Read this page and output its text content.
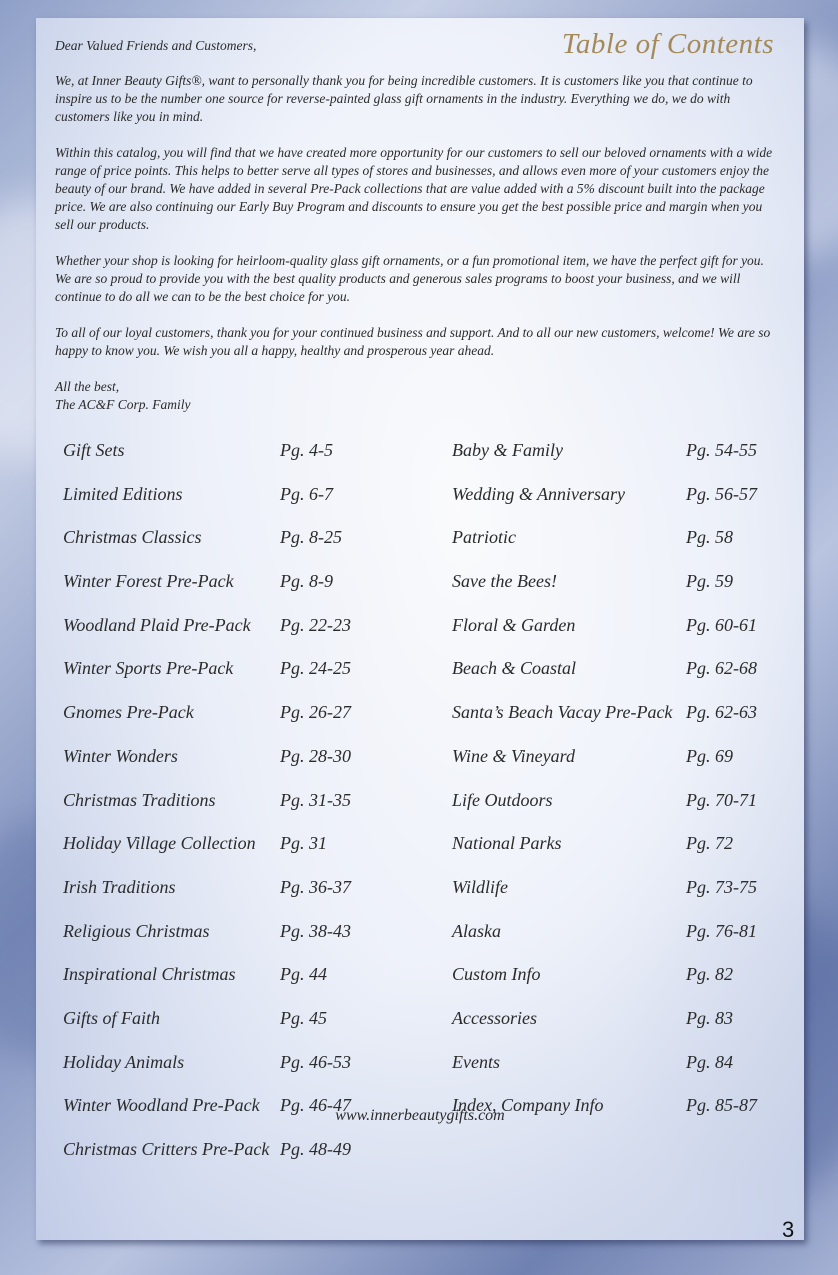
Table of Contents

Dear Valued Friends and Customers,

We, at Inner Beauty Gifts®, want to personally thank you for being incredible customers. It is customers like you that continue to inspire us to be the number one source for reverse-painted glass gift ornaments in the industry. Everything we do, we do with customers like you in mind.

Within this catalog, you will find that we have created more opportunity for our customers to sell our beloved ornaments with a wide range of price points. This helps to better serve all types of stores and businesses, and allows even more of your customers enjoy the beauty of our brand. We have added in several Pre-Pack collections that are value added with a 5% discount built into the package price. We are also continuing our Early Buy Program and discounts to ensure you get the best possible price and margin when you sell our products.

Whether your shop is looking for heirloom-quality glass gift ornaments, or a fun promotional item, we have the perfect gift for you. We are so proud to provide you with the best quality products and generous sales programs to boost your business, and we will continue to do all we can to be the best choice for you.

To all of our loyal customers, thank you for your continued business and support. And to all our new customers, welcome! We are so happy to know you. We wish you all a happy, healthy and prosperous year ahead.

All the best,

The AC&F Corp. Family

Gift Sets	Pg. 4-5
Limited Editions	Pg. 6-7
Christmas Classics	Pg. 8-25
Winter Forest Pre-Pack	Pg. 8-9
Woodland Plaid Pre-Pack Pg. 22-23
Winter Sports Pre-Pack	Pg. 24-25
Gnomes Pre-Pack	Pg. 26-27
Winter Wonders	Pg. 28-30
Christmas Traditions	Pg. 31-35
Holiday Village Collection Pg. 31
Irish Traditions	Pg. 36-37
Religious Christmas	Pg. 38-43
Inspirational Christmas Pg. 44
Gifts of Faith	Pg. 45
Holiday Animals	Pg. 46-53
Winter Woodland Pre-Pack Pg. 46-47
Christmas Critters Pre-Pack Pg. 48-49
Baby & Family	Pg. 54-55
Wedding & Anniversary	Pg. 56-57
Patriotic	Pg. 58
Save the Bees!	Pg. 59
Floral & Garden	Pg. 60-61
Beach & Coastal	Pg. 62-68
Santa’s Beach Vacay Pre-Pack Pg. 62-63
Wine & Vineyard	Pg. 69
Life Outdoors	Pg. 70-71
National Parks	Pg. 72
Wildlife	Pg. 73-75
Alaska	Pg. 76-81
Custom Info	Pg. 82
Accessories	Pg. 83
Events	Pg. 84
Index, Company Info	Pg. 85-87
www.innerbeautygifts.com

3
